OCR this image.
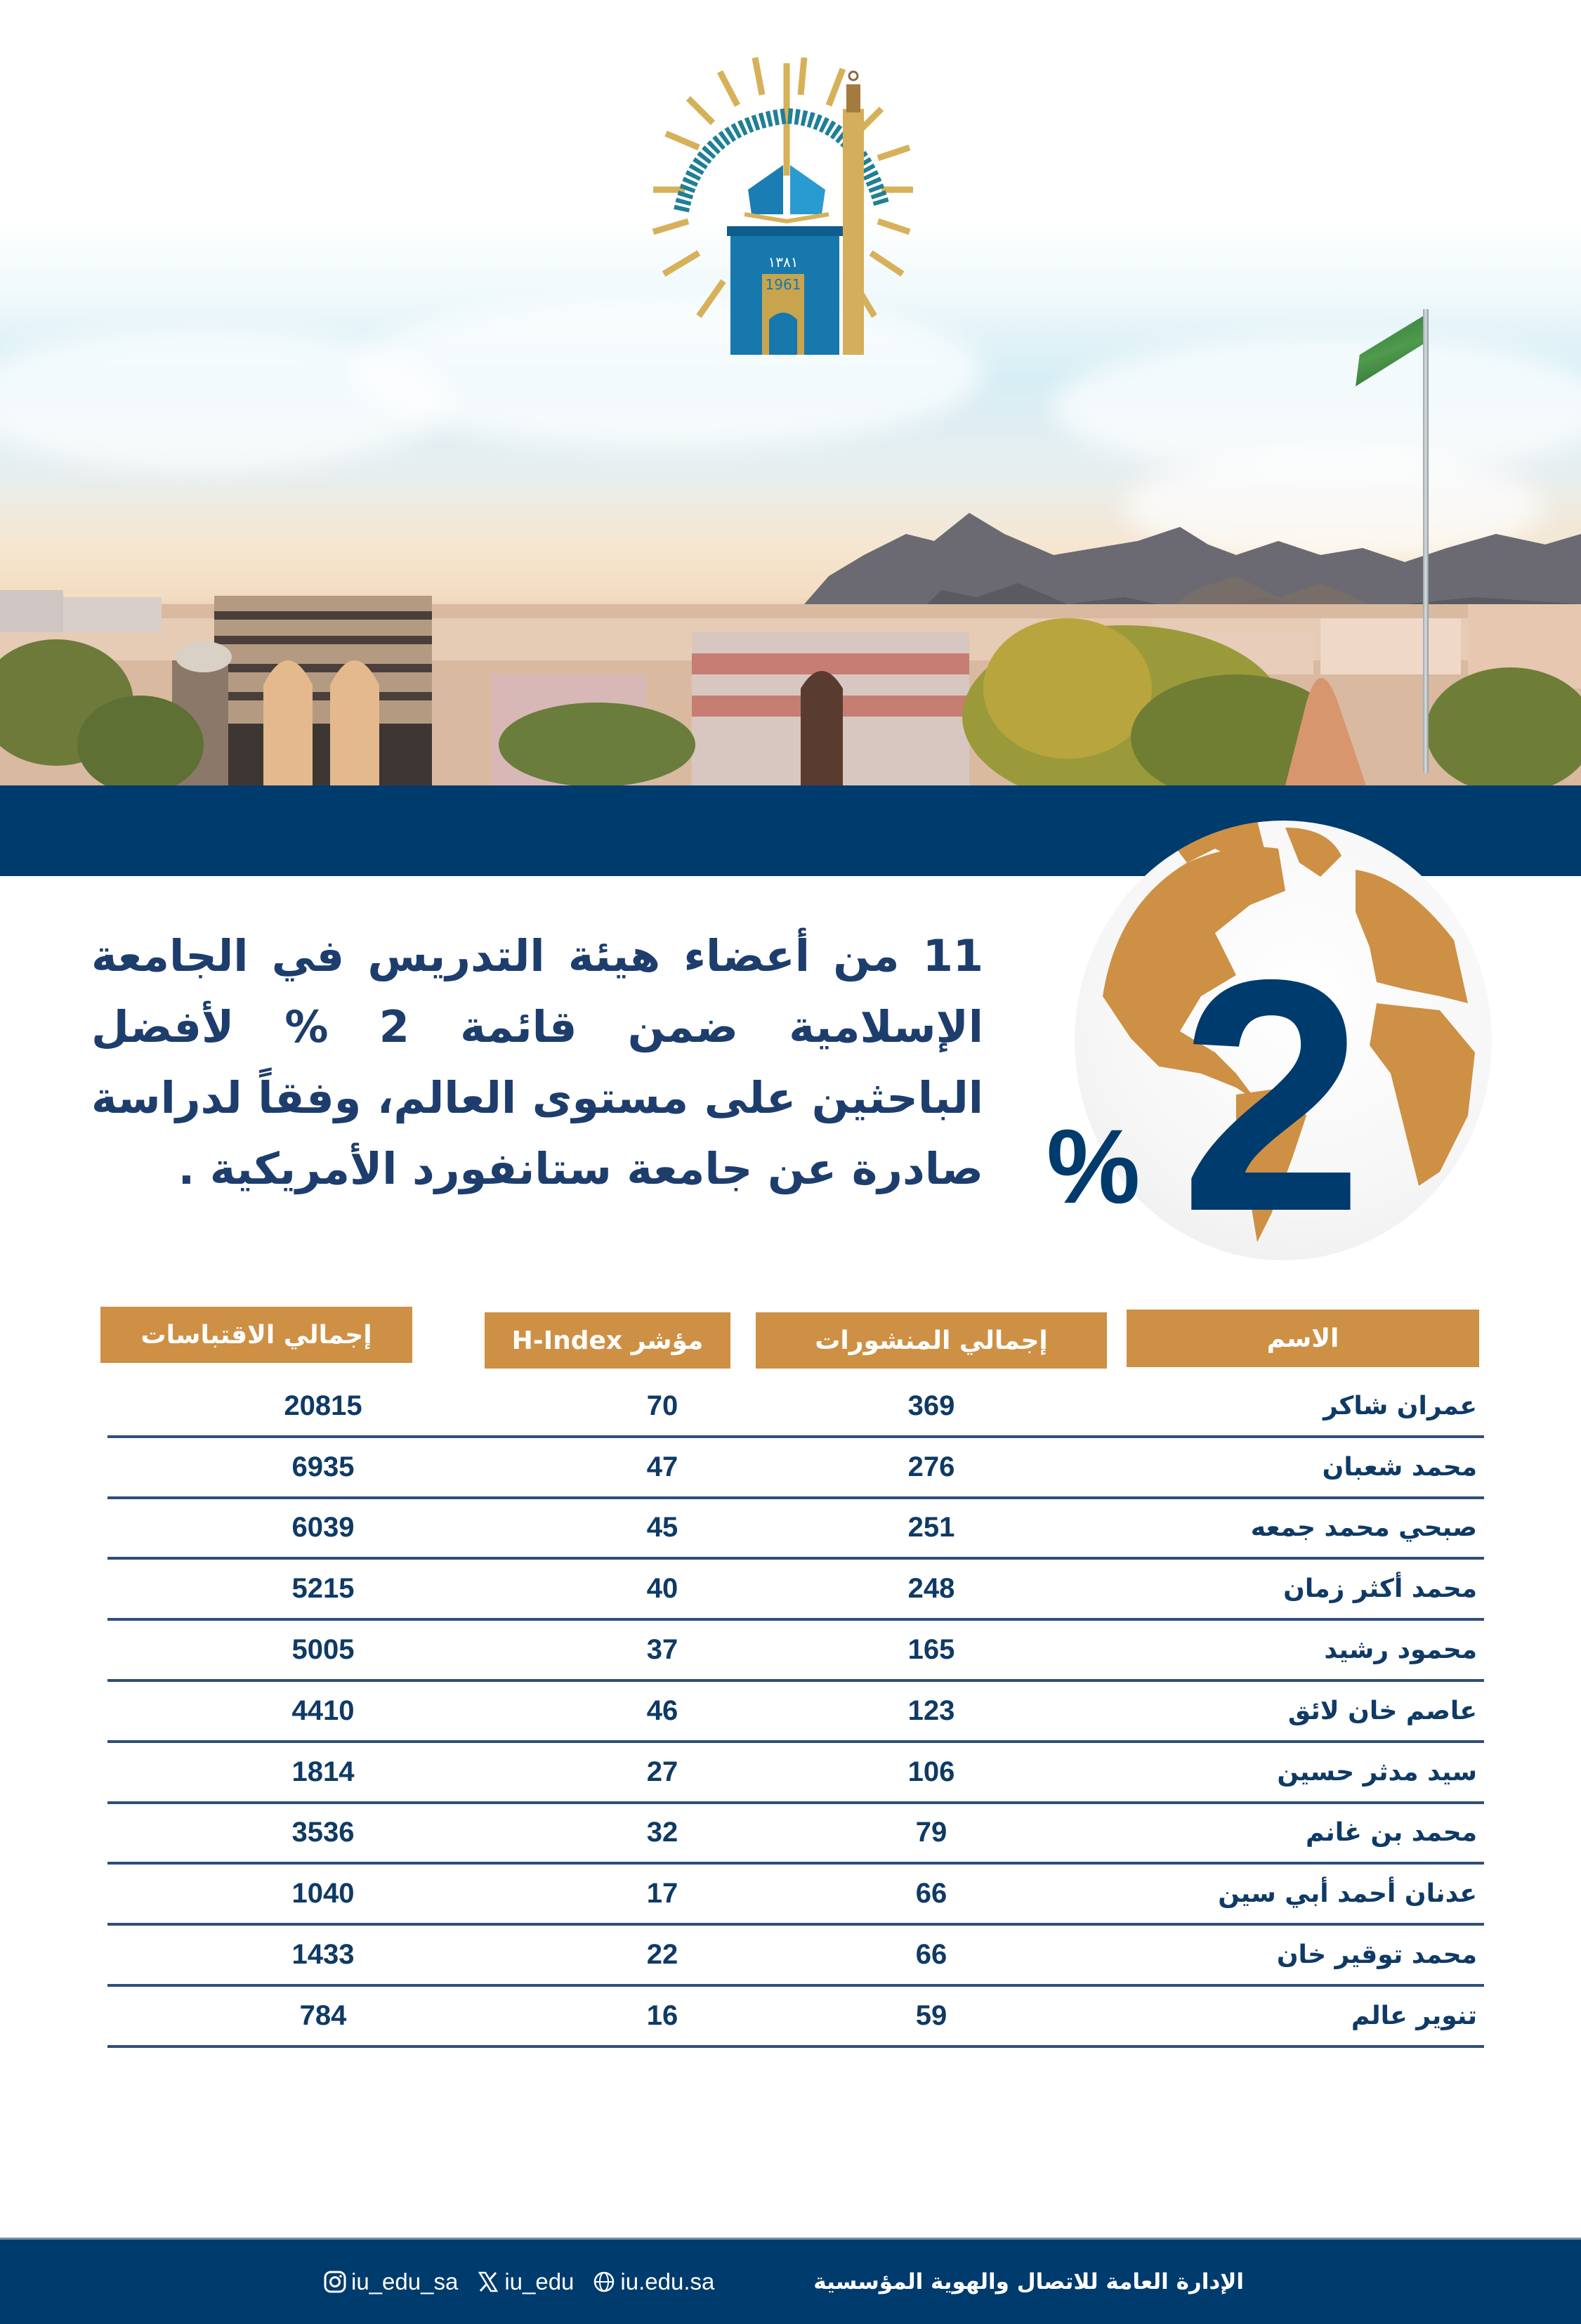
١٣٨١
1961
2
%
11 من أعضاء هيئة التدريس في الجامعة الإسلامية ضمن قائمة 2 % لأفضل الباحثين على مستوى العالم، وفقاً لدراسة صادرة عن جامعة ستانفورد الأمريكية .
الاسم
إجمالي المنشورات
مؤشر H-Index
إجمالي الاقتباسات
عمران شاكر
369
70
20815
محمد شعبان
276
47
6935
صبحي محمد جمعه
251
45
6039
محمد أكثر زمان
248
40
5215
محمود رشيد
165
37
5005
عاصم خان لائق
123
46
4410
سيد مدثر حسين
106
27
1814
محمد بن غانم
79
32
3536
عدنان أحمد أبي سين
66
17
1040
محمد توقير خان
66
22
1433
تنوير عالم
59
16
784
iu_edu_sa iu_edu iu.edu.sa	الإدارة العامة للاتصال والهوية المؤسسية
